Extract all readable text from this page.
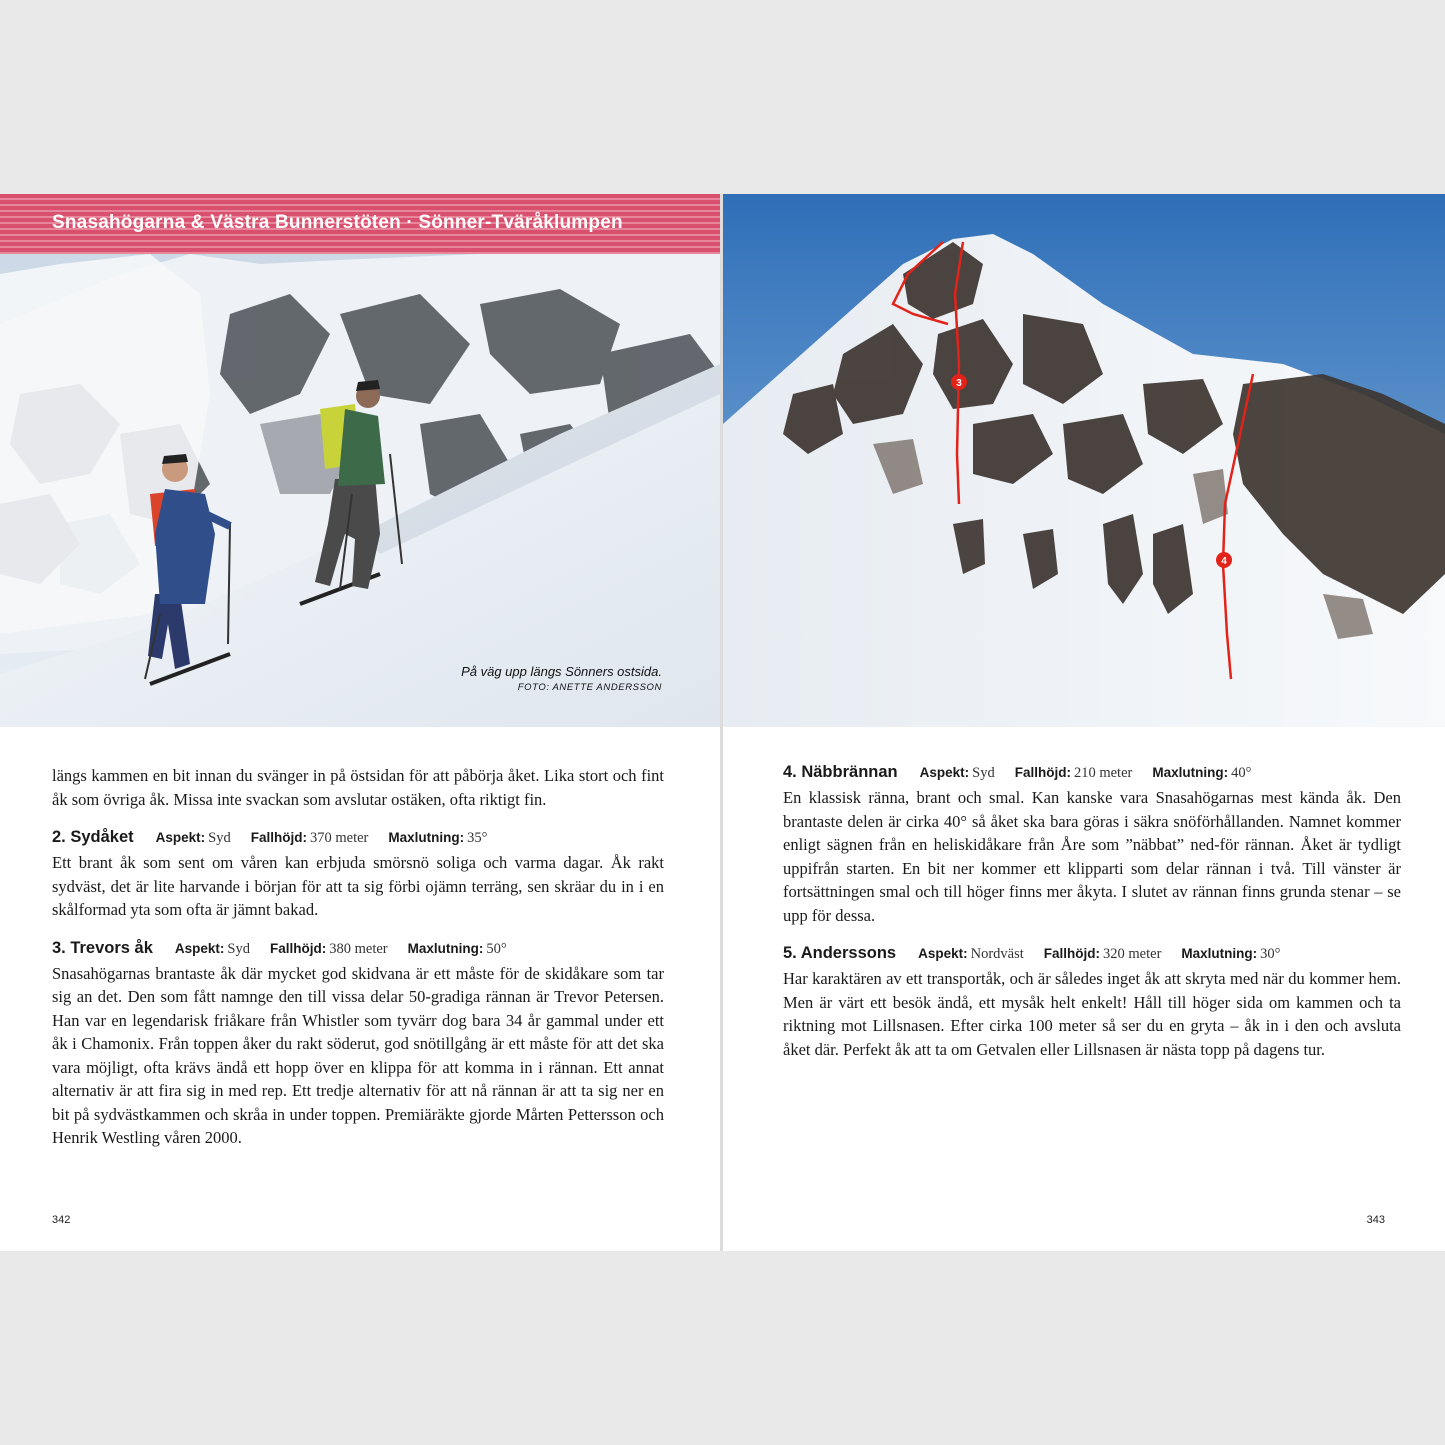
Snasahögarna & Västra Bunnerstöten · Sönner-Tväråklumpen
På väg upp längs Sönners ostsida.
FOTO: ANETTE ANDERSSON

längs kammen en bit innan du svänger in på östsidan för att påbörja åket. Lika stort och fint åk som övriga åk. Missa inte svackan som avslutar ostäken, ofta riktigt fin.

2. Sydåket Aspekt: Syd Fallhöjd: 370 meter Maxlutning: 35°

Ett brant åk som sent om våren kan erbjuda smörsnö soliga och varma dagar. Åk rakt sydväst, det är lite harvande i början för att ta sig förbi ojämn terräng, sen skräar du in i en skålformad yta som ofta är jämnt bakad.

3. Trevors åk Aspekt: Syd Fallhöjd: 380 meter Maxlutning: 50°

Snasahögarnas brantaste åk där mycket god skidvana är ett måste för de skidåkare som tar sig an det. Den som fått namnge den till vissa delar 50-gradiga rännan är Trevor Petersen. Han var en legendarisk friåkare från Whistler som tyvärr dog bara 34 år gammal under ett åk i Chamonix. Från toppen åker du rakt söderut, god snötillgång är ett måste för att det ska vara möjligt, ofta krävs ändå ett hopp över en klippa för att komma in i rännan. Ett annat alternativ är att fira sig in med rep. Ett tredje alternativ för att nå rännan är att ta sig ner en bit på sydvästkammen och skråa in under toppen. Premiäräkte gjorde Mårten Pettersson och Henrik Westling våren 2000.

342
3
4
4. Näbbrännan Aspekt: Syd Fallhöjd: 210 meter Maxlutning: 40°

En klassisk ränna, brant och smal. Kan kanske vara Snasahögarnas mest kända åk. Den brantaste delen är cirka 40° så åket ska bara göras i säkra snöförhållanden. Namnet kommer enligt sägnen från en heliskidåkare från Åre som ”näbbat” ned-för rännan. Åket är tydligt uppifrån starten. En bit ner kommer ett klipparti som delar rännan i två. Till vänster är fortsättningen smal och till höger finns mer åkyta. I slutet av rännan finns grunda stenar – se upp för dessa.

5. Anderssons Aspekt: Nordväst Fallhöjd: 320 meter Maxlutning: 30°

Har karaktären av ett transportåk, och är således inget åk att skryta med när du kommer hem. Men är värt ett besök ändå, ett mysåk helt enkelt! Håll till höger sida om kammen och ta riktning mot Lillsnasen. Efter cirka 100 meter så ser du en gryta – åk in i den och avsluta åket där. Perfekt åk att ta om Getvalen eller Lillsnasen är nästa topp på dagens tur.

343
